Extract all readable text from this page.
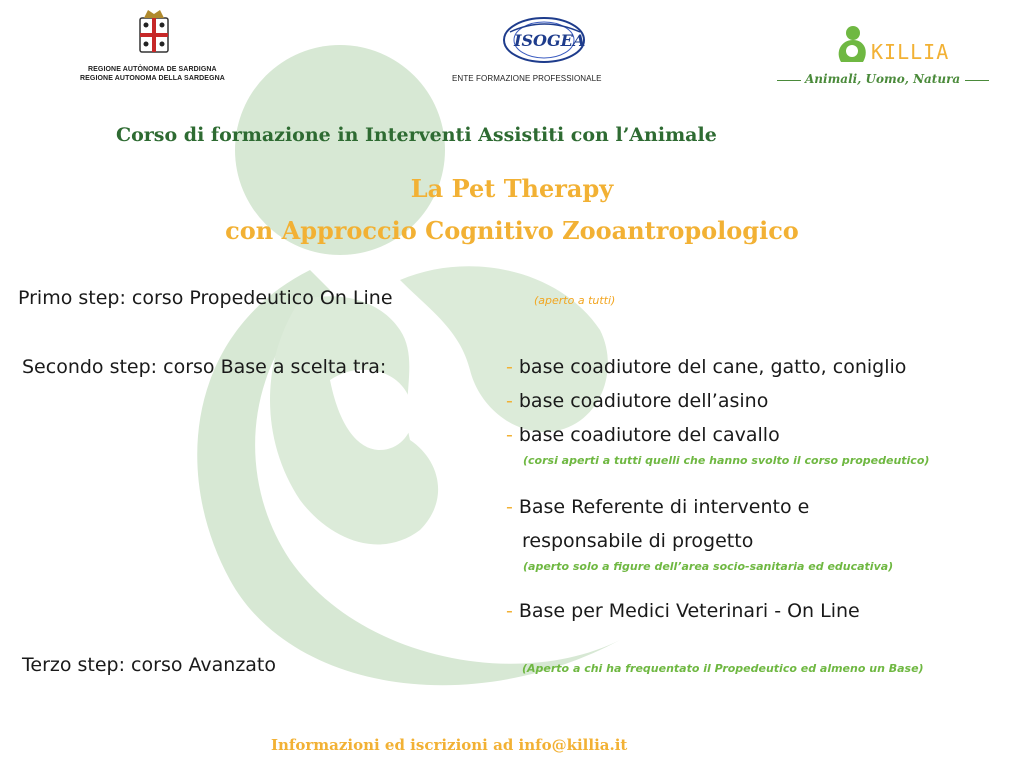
REGIONE AUTÒNOMA DE SARDIGNA
REGIONE AUTONOMA DELLA SARDEGNA
ISOGEA
ENTE FORMAZIONE PROFESSIONALE
KILLIA
Animali, Uomo, Natura
Corso di formazione in Interventi Assistiti con l’Animale
La Pet Therapy
con Approccio Cognitivo Zooantropologico
Primo step: corso Propedeutico On Line	(aperto a tutti)
Secondo step: corso Base a scelta tra:	- base coadiutore del cane, gatto, coniglio
- base coadiutore dell’asino
- base coadiutore del cavallo
(corsi aperti a tutti quelli che hanno svolto il corso propedeutico)
- Base Referente di intervento e
responsabile di progetto
(aperto solo a figure dell’area socio-sanitaria ed educativa)
- Base per Medici Veterinari - On Line
Terzo step: corso Avanzato	(Aperto a chi ha frequentato il Propedeutico ed almeno un Base)
Informazioni ed iscrizioni ad info@killia.it
